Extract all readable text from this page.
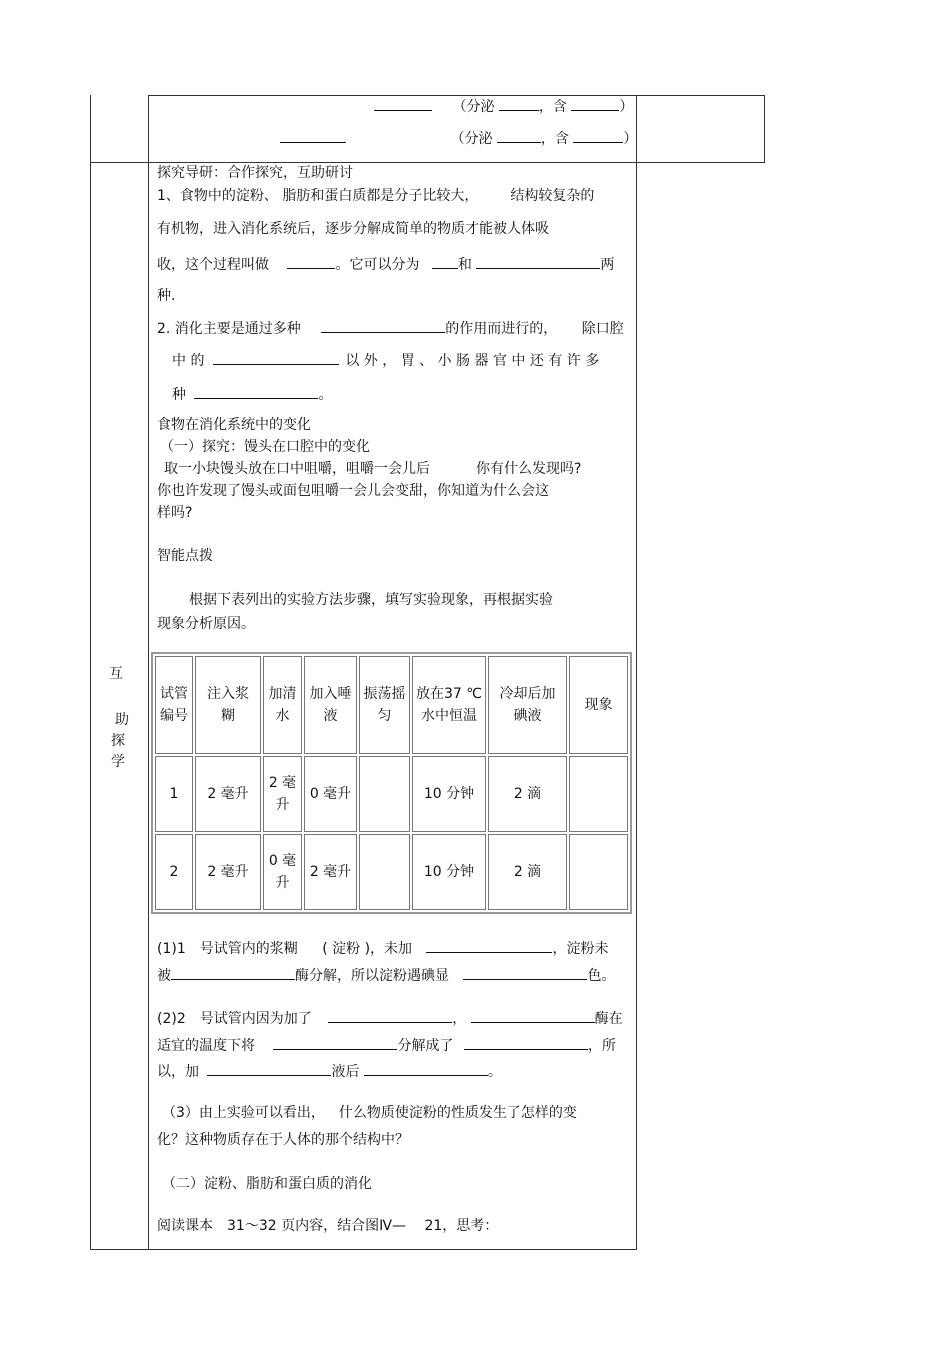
（分泌	，含	）
（分泌	，含	）
互
助
探
学
探究导研：合作探究，互助研讨
1、食物中的淀粉、 脂肪和蛋白质都是分子比较大， 结构较复杂的
有机物，进入消化系统后，逐步分解成简单的物质才能被人体吸
收，这个过程叫做	。它可以分为	和	两
种.
2. 消化主要是通过多种	的作用而进行的， 除口腔
中 的	以 外 ， 胃 、 小 肠 器 官 中 还 有 许 多
种	。
食物在消化系统中的变化
（一）探究：馒头在口腔中的变化
取一小块馒头放在口中咀嚼，咀嚼一会儿后	你有什么发现吗?
你也许发现了馒头或面包咀嚼一会儿会变甜，你知道为什么会这
样吗?
智能点拨
根据下表列出的实验方法步骤，填写实验现象，再根据实验
现象分析原因。
试管编号	注入浆糊	加清水	加入唾液	振荡摇匀	放在37 ℃水中恒温	冷却后加碘液	现象
1	2 毫升	2 毫升	0 毫升		10 分钟	2 滴	
2	2 毫升	0 毫升	2 毫升		10 分钟	2 滴	
(1)1 号试管内的浆糊 ( 淀粉 )，未加	，淀粉未
被	酶分解，所以淀粉遇碘显	色。
(2)2 号试管内因为加了	，	酶在
适宜的温度下将	分解成了	，所
以，加	液后	。
（3）由上实验可以看出， 什么物质使淀粉的性质发生了怎样的变
化？这种物质存在于人体的那个结构中？
（二）淀粉、脂肪和蛋白质的消化
阅读课本 31～32 页内容，结合图Ⅳ— 21，思考：
